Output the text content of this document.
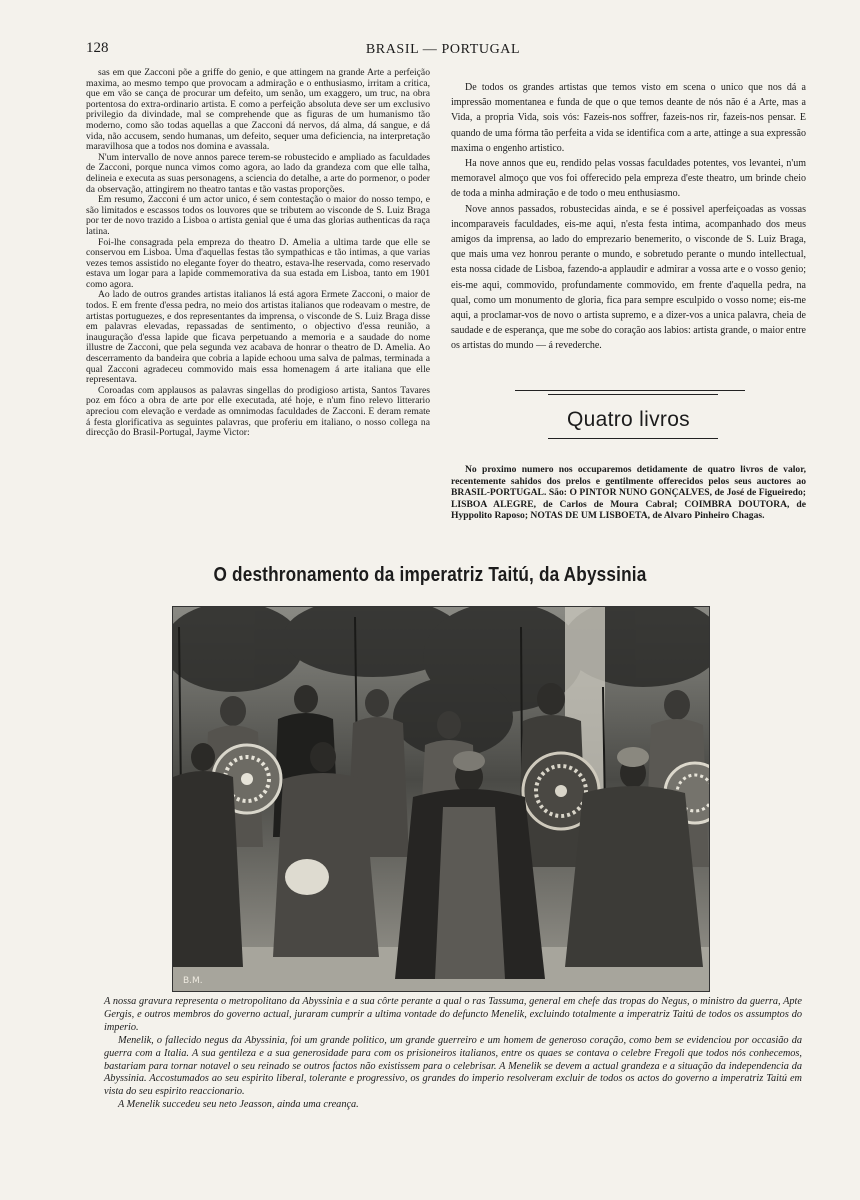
128	BRASIL — PORTUGAL

sas em que Zacconi põe a griffe do genio, e que attingem na grande Arte a perfeição maxima, ao mesmo tempo que provocam a admiração e o enthusiasmo, irritam a critica, que em vão se cança de procurar um defeito, um senão, um exaggero, um truc, na obra portentosa do extra-ordinario artista. E como a perfeição absoluta deve ser um exclusivo privilegio da divindade, mal se comprehende que as figuras de um humanismo tão moderno, como são todas aquellas a que Zacconi dá nervos, dá alma, dá sangue, e dá vida, não accusem, sendo humanas, um defeito, sequer uma deficiencia, na interpretação maravilhosa que a todos nos domina e avassala.

N'um intervallo de nove annos parece terem-se robustecido e ampliado as faculdades de Zacconi, porque nunca vimos como agora, ao lado da grandeza com que elle talha, delineia e executa as suas personagens, a sciencia do detalhe, a arte do pormenor, o poder da observação, attingirem no theatro tantas e tão vastas proporções.

Em resumo, Zacconi é um actor unico, é sem contestação o maior do nosso tempo, e são limitados e escassos todos os louvores que se tributem ao visconde de S. Luiz Braga por ter de novo trazido a Lisboa o artista genial que é uma das glorias authenticas da raça latina.

Foi-lhe consagrada pela empreza do theatro D. Amelia a ultima tarde que elle se conservou em Lisboa. Uma d'aquellas festas tão sympathicas e tão intimas, a que varias vezes temos assistido no elegante foyer do theatro, estava-lhe reservada, como reservado estava um logar para a lapide commemorativa da sua estada em Lisboa, tanto em 1901 como agora.

Ao lado de outros grandes artistas italianos lá está agora Ermete Zacconi, o maior de todos. E em frente d'essa pedra, no meio dos artistas italianos que rodeavam o mestre, de artistas portuguezes, e dos representantes da imprensa, o visconde de S. Luiz Braga disse em palavras elevadas, repassadas de sentimento, o objectivo d'essa reunião, a inauguração d'essa lapide que ficava perpetuando a memoria e a saudade do nome illustre de Zacconi, que pela segunda vez acabava de honrar o theatro de D. Amelia. Ao descerramento da bandeira que cobria a lapide echoou uma salva de palmas, terminada a qual Zacconi agradeceu commovido mais essa homenagem á arte italiana que elle representava.

Coroadas com applausos as palavras singellas do prodigioso artista, Santos Tavares poz em fóco a obra de arte por elle executada, até hoje, e n'um fino relevo litterario apreciou com elevação e verdade as omnimodas faculdades de Zacconi. E deram remate á festa glorificativa as seguintes palavras, que proferiu em italiano, o nosso collega na direcção do Brasil-Portugal, Jayme Victor:

De todos os grandes artistas que temos visto em scena o unico que nos dá a impressão momentanea e funda de que o que temos deante de nós não é a Arte, mas a Vida, a propria Vida, sois vós: Fazeis-nos soffrer, fazeis-nos rir, fazeis-nos pensar. E quando de uma fórma tão perfeita a vida se identifica com a arte, attinge a sua expressão maxima o engenho artistico.

Ha nove annos que eu, rendido pelas vossas faculdades potentes, vos levantei, n'um memoravel almoço que vos foi offerecido pela empreza d'este theatro, um brinde cheio de toda a minha admiração e de todo o meu enthusiasmo.

Nove annos passados, robustecidas ainda, e se é possivel aperfeiçoadas as vossas incomparaveis faculdades, eis-me aqui, n'esta festa intima, acompanhado dos meus amigos da imprensa, ao lado do emprezario benemerito, o visconde de S. Luiz Braga, que mais uma vez honrou perante o mundo, e sobretudo perante o mundo intellectual, esta nossa cidade de Lisboa, fazendo-a applaudir e admirar a vossa arte e o vosso genio; eis-me aqui, commovido, profundamente commovido, em frente d'aquella pedra, na qual, como um monumento de gloria, fica para sempre esculpido o vosso nome; eis-me aqui, a proclamar-vos de novo o artista supremo, e a dizer-vos a unica palavra, cheia de saudade e de esperança, que me sobe do coração aos labios: artista grande, o maior entre os artistas do mundo — á revederche.

Quatro livros

No proximo numero nos occuparemos detidamente de quatro livros de valor, recentemente sahidos dos prelos e gentilmente offerecidos pelos seus auctores ao BRASIL-PORTUGAL. São: O PINTOR NUNO GONÇALVES, de José de Figueiredo; LISBOA ALEGRE, de Carlos de Moura Cabral; COIMBRA DOUTORA, de Hyppolito Raposo; NOTAS DE UM LISBOETA, de Alvaro Pinheiro Chagas.

O desthronamento da imperatriz Taitú, da Abyssinia
B.M.

A nossa gravura representa o metropolitano da Abyssinia e a sua côrte perante a qual o ras Tassuma, general em chefe das tropas do Negus, o ministro da guerra, Apte Gergis, e outros membros do governo actual, juraram cumprir a ultima vontade do defuncto Menelik, excluindo totalmente a imperatriz Taitú de todos os assumptos do imperio.

Menelik, o fallecido negus da Abyssinia, foi um grande politico, um grande guerreiro e um homem de generoso coração, como bem se evidenciou por occasião da guerra com a Italia. A sua gentileza e a sua generosidade para com os prisioneiros italianos, entre os quaes se contava o celebre Fregoli que todos nós conhecemos, bastariam para tornar notavel o seu reinado se outros factos não existissem para o celebrisar. A Menelik se devem a actual grandeza e a situação da independencia da Abyssinia. Accostumados ao seu espirito liberal, tolerante e progressivo, os grandes do imperio resolveram excluir de todos os actos do governo a imperatriz Taitú em vista do seu espirito reaccionario.

A Menelik succedeu seu neto Jeasson, ainda uma creança.
